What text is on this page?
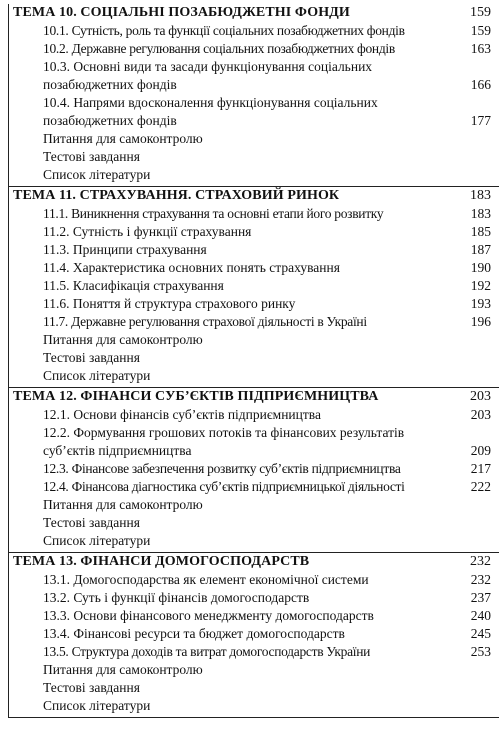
ТЕМА 10. СОЦІАЛЬНІ ПОЗАБЮДЖЕТНІ ФОНДИ	159
10.1. Сутність, роль та функції соціальних позабюджетних фондів	159
10.2. Державне регулювання соціальних позабюджетних фондів	163
10.3. Основні види та засади функціонування соціальних позабюджетних фондів	166
10.4. Напрями вдосконалення функціонування соціальних позабюджетних фондів	177
Питання для самоконтролю
Тестові завдання
Список літератури
ТЕМА 11. СТРАХУВАННЯ. СТРАХОВИЙ РИНОК	183
11.1. Виникнення страхування та основні етапи його розвитку	183
11.2. Сутність і функції страхування	185
11.3. Принципи страхування	187
11.4. Характеристика основних понять страхування	190
11.5. Класифікація страхування	192
11.6. Поняття й структура страхового ринку	193
11.7. Державне регулювання страхової діяльності в Україні	196
Питання для самоконтролю
Тестові завдання
Список літератури
ТЕМА 12. ФІНАНСИ СУБ’ЄКТІВ ПІДПРИЄМНИЦТВА	203
12.1. Основи фінансів суб’єктів підприємництва	203
12.2. Формування грошових потоків та фінансових результатів суб’єктів підприємництва	209
12.3. Фінансове забезпечення розвитку суб’єктів підприємництва	217
12.4. Фінансова діагностика суб’єктів підприємницької діяльності	222
Питання для самоконтролю
Тестові завдання
Список літератури
ТЕМА 13. ФІНАНСИ ДОМОГОСПОДАРСТВ	232
13.1. Домогосподарства як елемент економічної системи	232
13.2. Суть і функції фінансів домогосподарств	237
13.3. Основи фінансового менеджменту домогосподарств	240
13.4. Фінансові ресурси та бюджет домогосподарств	245
13.5. Структура доходів та витрат домогосподарств України	253
Питання для самоконтролю
Тестові завдання
Список літератури
